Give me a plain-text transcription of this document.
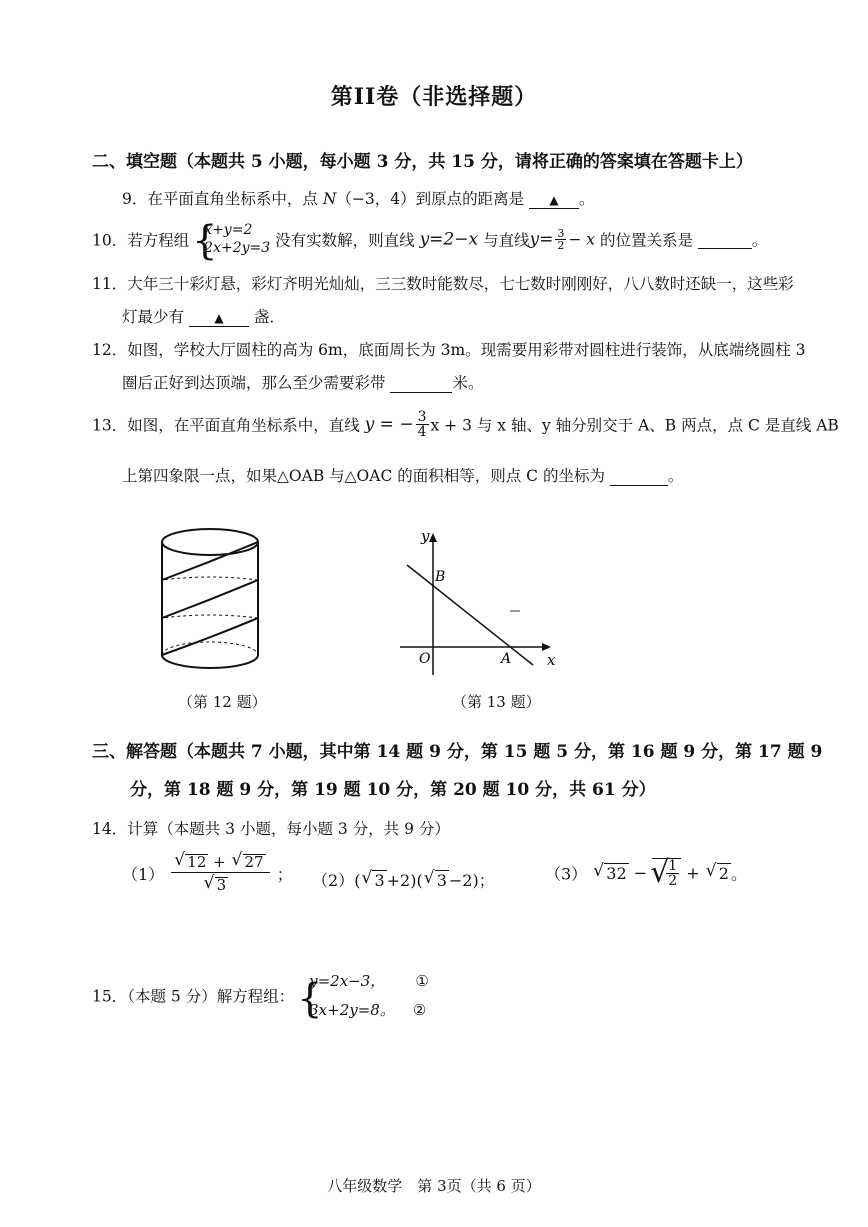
第II卷（非选择题）
二、填空题（本题共 5 小题，每小题 3 分，共 15 分，请将正确的答案填在答题卡上）
9．在平面直角坐标系中，点 N（−3，4）到原点的距离是 ▲ 。
10．若方程组
{ x+y=2
2x+2y=3 没有实数解，则直线 y=2−x 与直线$y= \frac{3}{2} - x$ 的位置关系是	。
11．大年三十彩灯悬，彩灯齐明光灿灿，三三数时能数尽，七七数时刚刚好，八八数时还缺一，这些彩
灯最少有	▲ 盏．
12．如图，学校大厅圆柱的高为 6m，底面周长为 3m。现需要用彩带对圆柱进行装饰，从底端绕圆柱 3
圈后正好到达顶端，那么至少需要彩带	米。
13．如图，在平面直角坐标系中，直线 y = − $\frac{3}{4}$ x + 3 与 x 轴、y 轴分别交于 A、B 两点，点 C 是直线 AB
上第四象限一点，如果△OAB 与△OAC 的面积相等，则点 C 的坐标为	。
（第 12 题）
y
x
O	A
B
（第 13 题）
三、解答题（本题共 7 小题，其中第 14 题 9 分，第 15 题 5 分，第 16 题 9 分，第 17 题 9
分，第 18 题 9 分，第 19 题 10 分，第 20 题 10 分，共 61 分）
14．计算（本题共 3 小题，每小题 3 分，共 9 分）
（1） √ 12 + √ 27
√ 3 ； （2）( √ 3 +2)( √ 3 −2)；	（3） √ 32 − √
$\frac{1}{2}$ + √ 2 。
15．（本题 5 分）解方程组：
{ y=2x−3， ①
3x+2y=8。 ②
八年级数学　第 3页（共 6 页）
